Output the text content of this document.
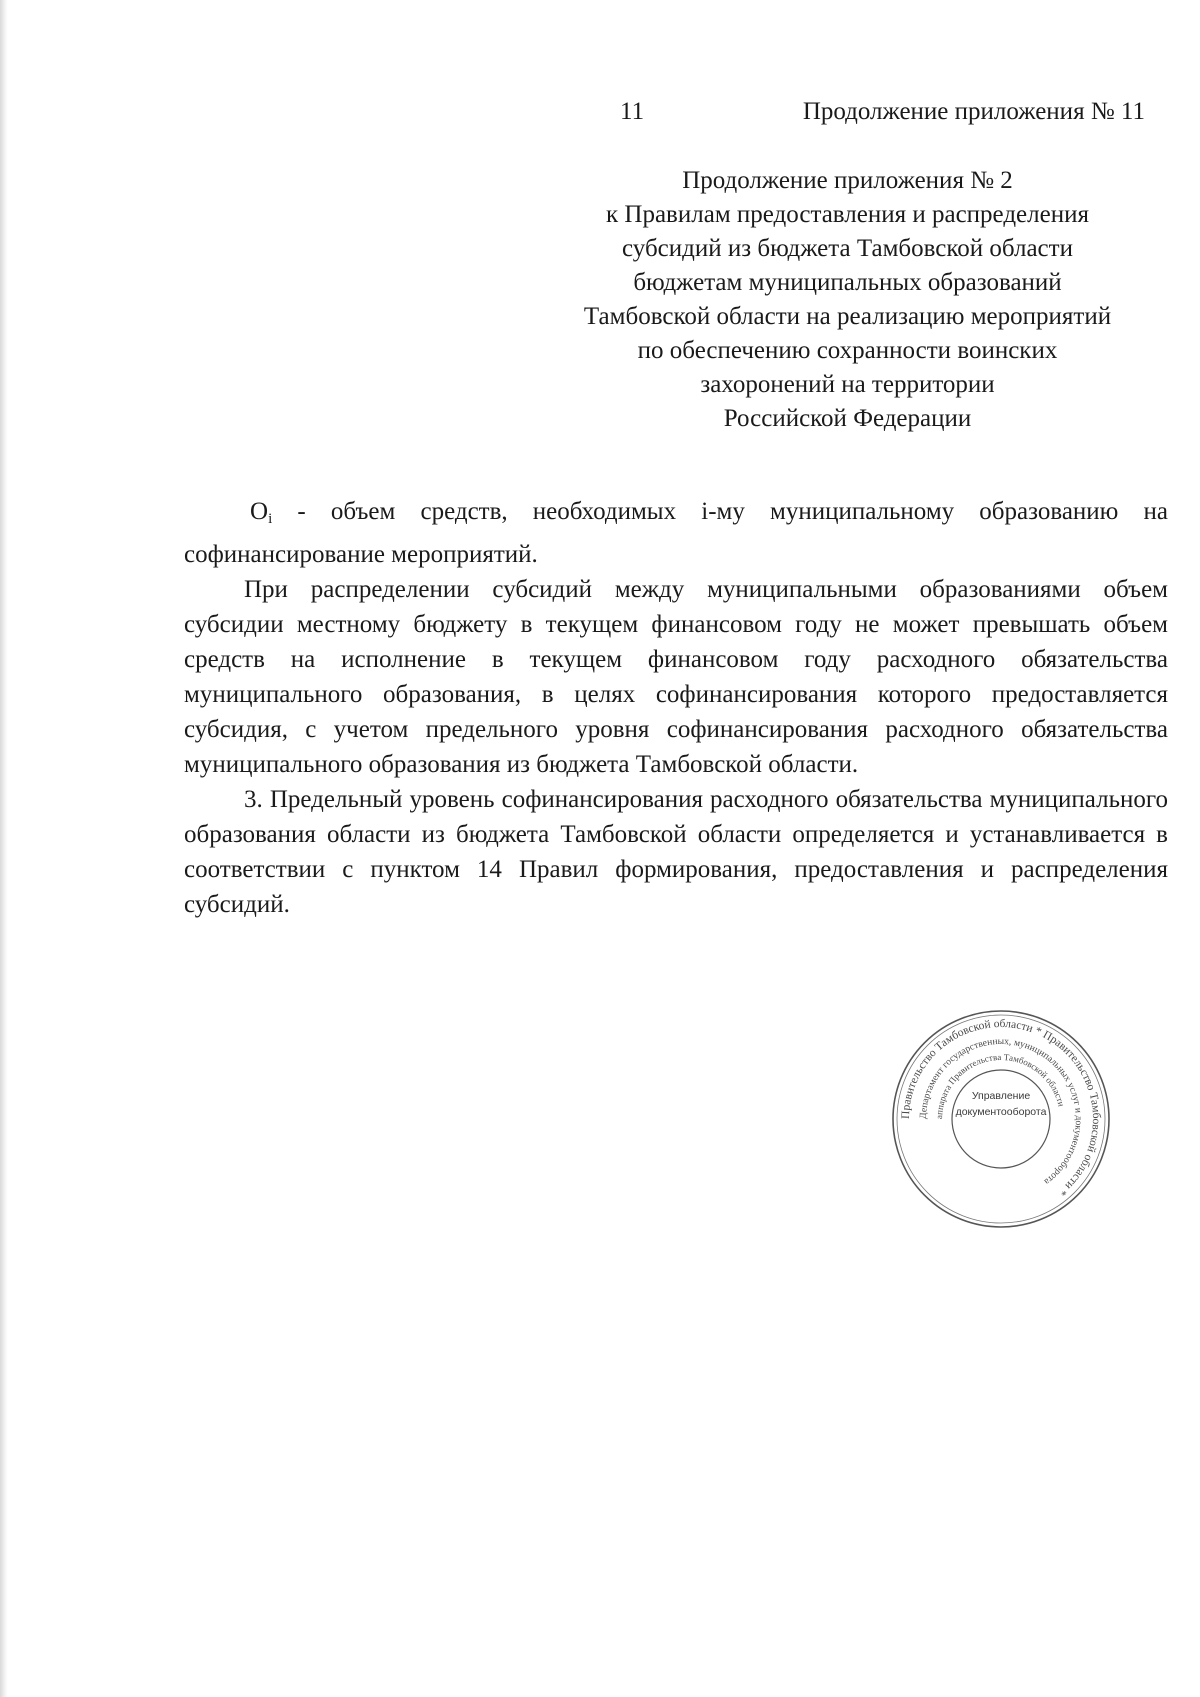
11	Продолжение приложения № 11
Продолжение приложения № 2
к Правилам предоставления и распределения
субсидий из бюджета Тамбовской области
бюджетам муниципальных образований
Тамбовской области на реализацию мероприятий
по обеспечению сохранности воинских
захоронений на территории
Российской Федерации

$O_i$ - объем средств, необходимых i-му муниципальному образованию на софинансирование мероприятий.

При распределении субсидий между муниципальными образованиями объем субсидии местному бюджету в текущем финансовом году не может превышать объем средств на исполнение в текущем финансовом году расходного обязательства муниципального образования, в целях софинансирования которого предоставляется субсидия, с учетом предельного уровня софинансирования расходного обязательства муниципального образования из бюджета Тамбовской области.

3. Предельный уровень софинансирования расходного обязательства муниципального образования области из бюджета Тамбовской области определяется и устанавливается в соответствии с пунктом 14 Правил формирования, предоставления и распределения субсидий.

Правительство Тамбовской области * Правительство Тамбовской области *
Департамент государственных, муниципальных услуг и документооборота
аппарата Правительства Тамбовской области
Управление
документооборота
